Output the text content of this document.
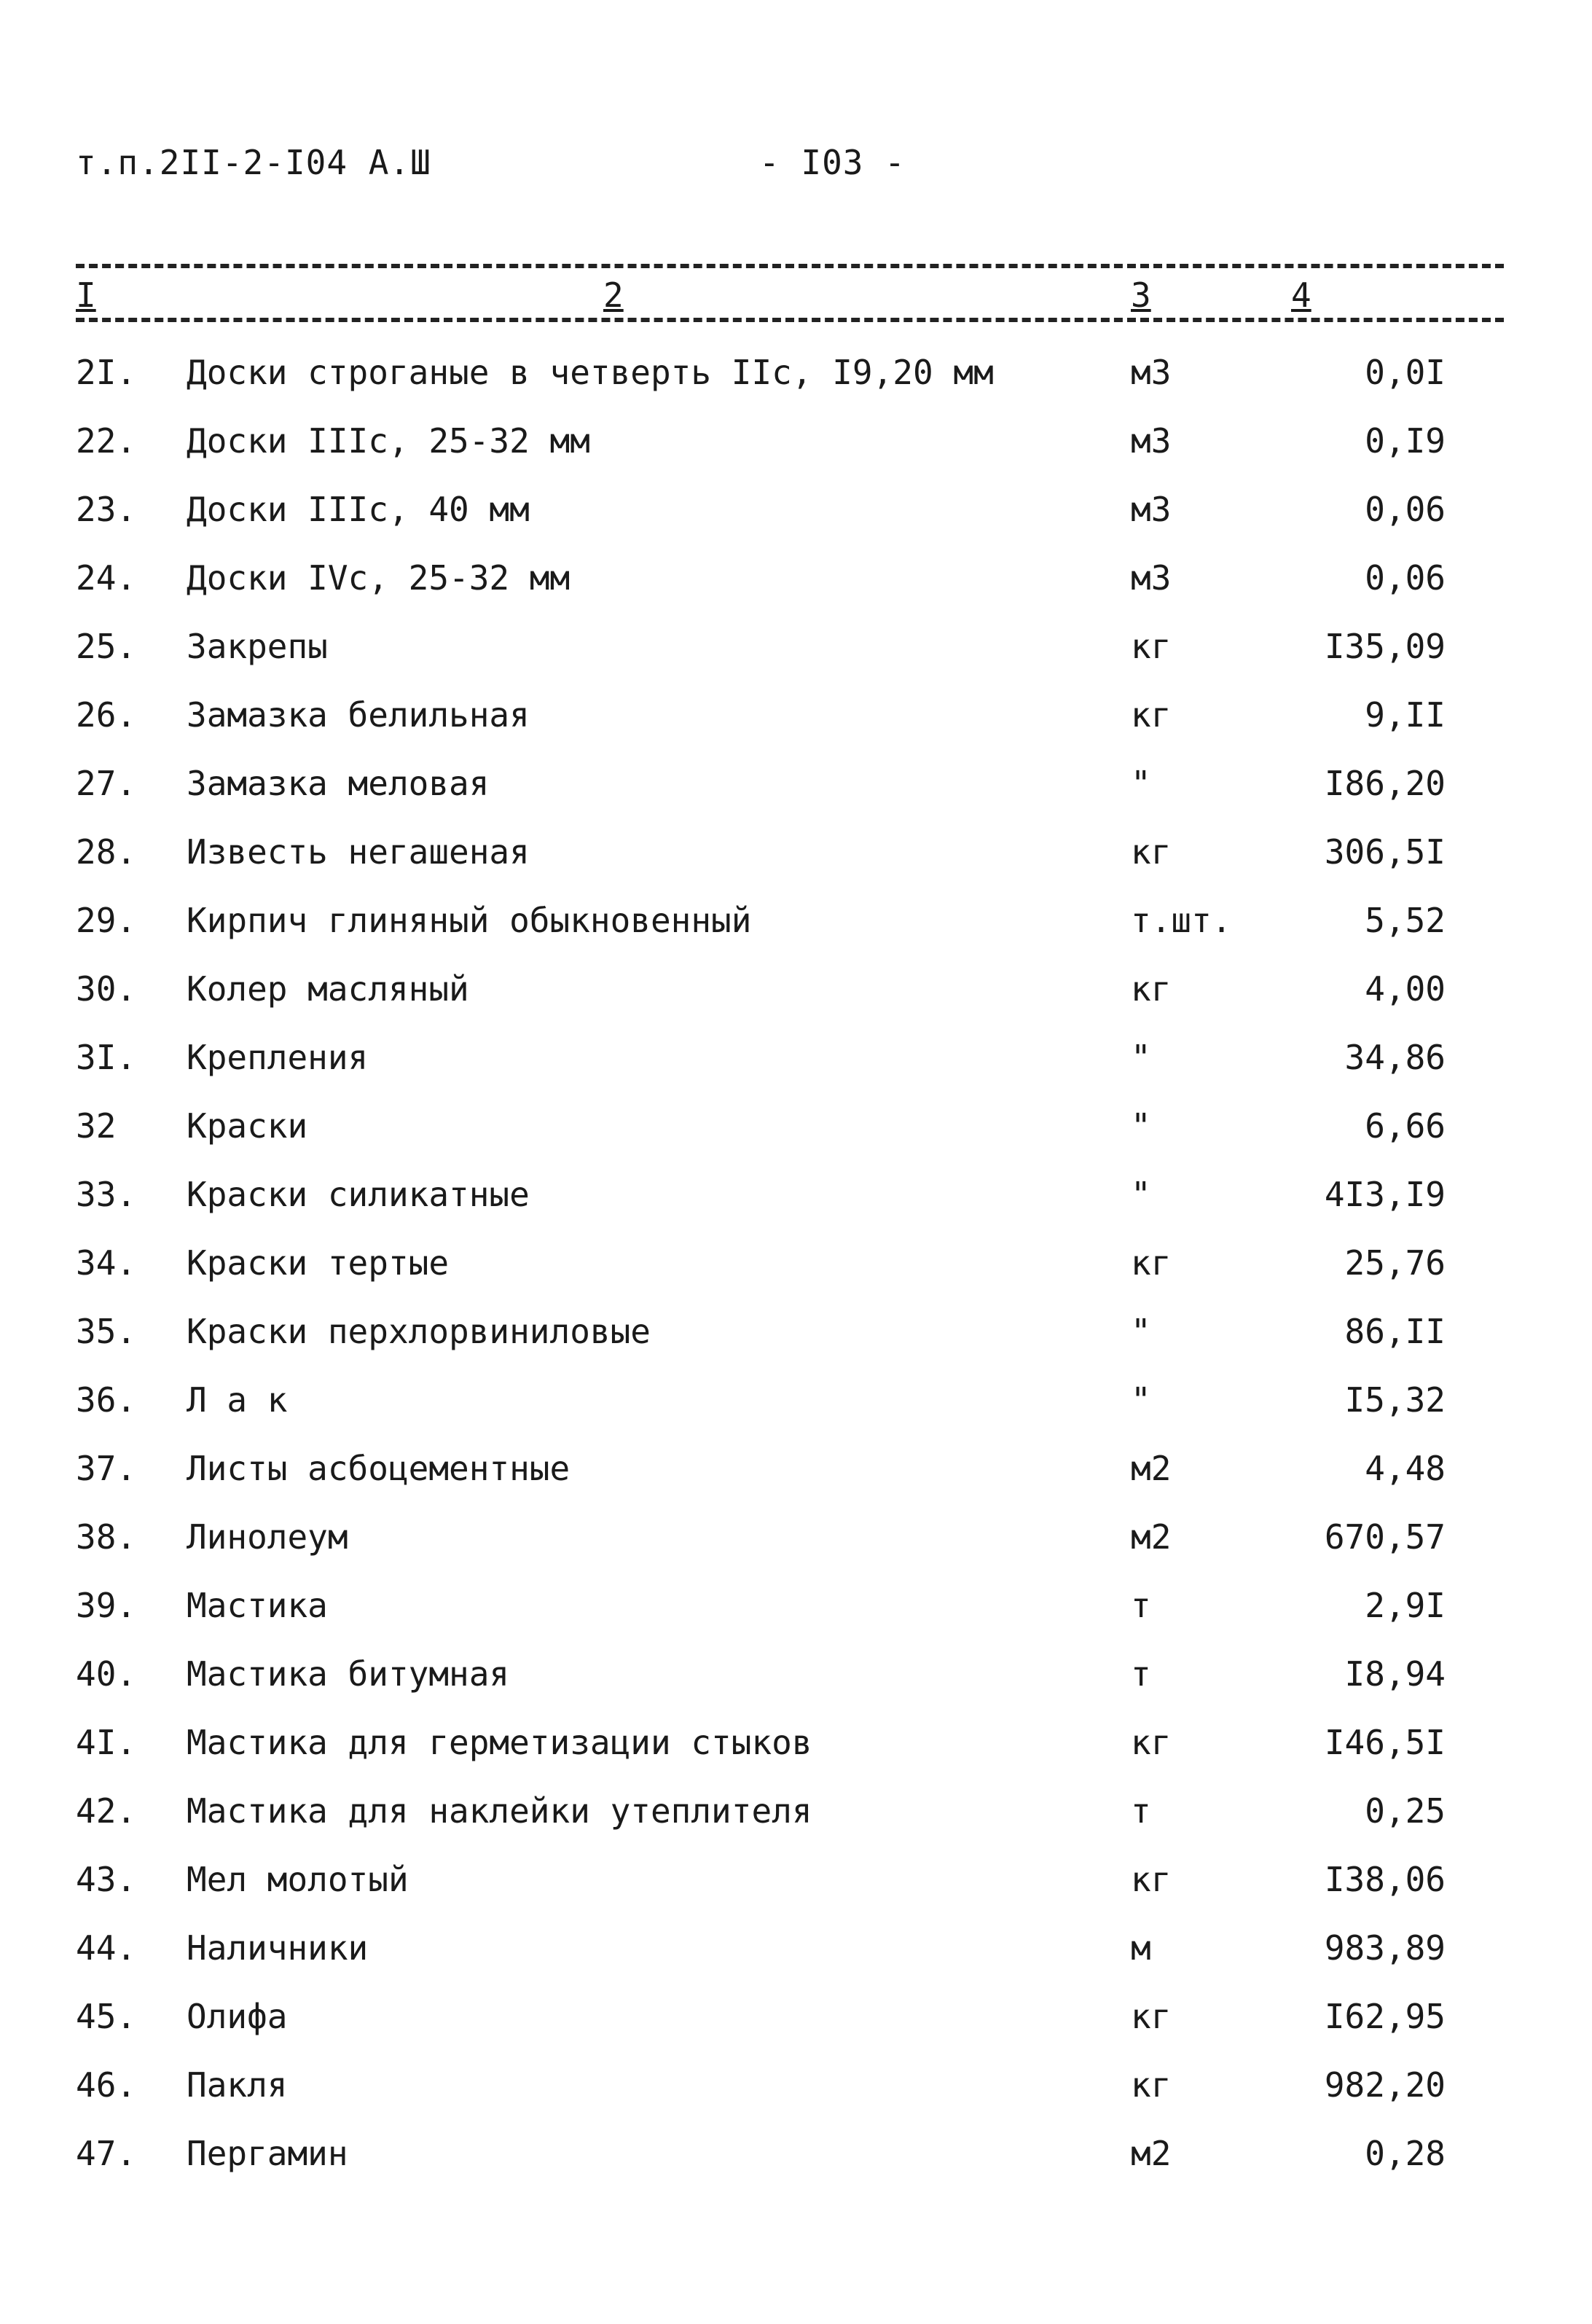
т.п.2II-2-I04 А.Ш	- I03 -
I	2	3	4
2I.	Доски строганые в четверть IIс, I9,20 мм	м3	0,0I
22.	Доски IIIс, 25-32 мм	м3	0,I9
23.	Доски IIIс, 40 мм	м3	0,06
24.	Доски IVс, 25-32 мм	м3	0,06
25.	Закрепы	кг	I35,09
26.	Замазка белильная	кг	9,II
27.	Замазка меловая	"	I86,20
28.	Известь негашеная	кг	306,5I
29.	Кирпич глиняный обыкновенный	т.шт.	5,52
30.	Колер масляный	кг	4,00
3I.	Крепления	"	34,86
32	Краски	"	6,66
33.	Краски силикатные	"	4I3,I9
34.	Краски тертые	кг	25,76
35.	Краски перхлорвиниловые	"	86,II
36.	Л а к	"	I5,32
37.	Листы асбоцементные	м2	4,48
38.	Линолеум	м2	670,57
39.	Мастика	т	2,9I
40.	Мастика битумная	т	I8,94
4I.	Мастика для герметизации стыков	кг	I46,5I
42.	Мастика для наклейки утеплителя	т	0,25
43.	Мел молотый	кг	I38,06
44.	Наличники	м	983,89
45.	Олифа	кг	I62,95
46.	Пакля	кг	982,20
47.	Пергамин	м2	0,28
